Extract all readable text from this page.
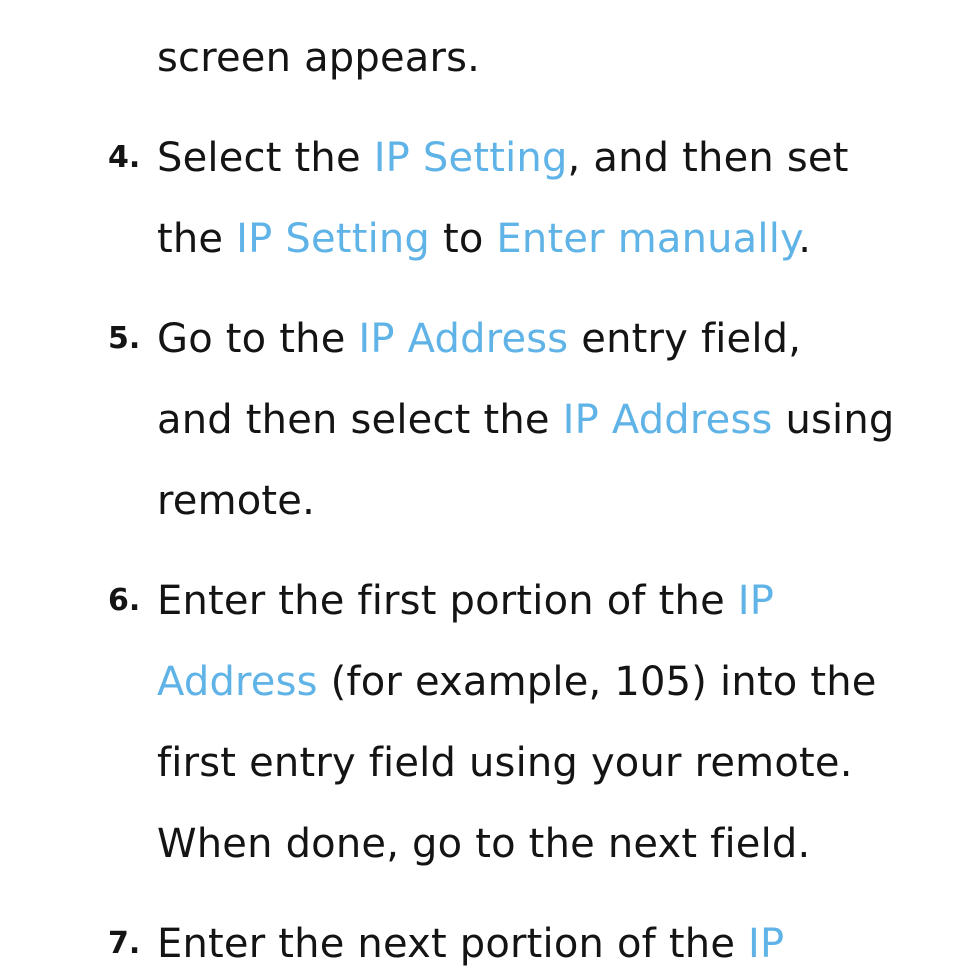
screen appears.
4. Select the IP Setting, and then set
the IP Setting to Enter manually.
5. Go to the IP Address entry field,
and then select the IP Address using
remote.
6. Enter the first portion of the IP
Address (for example, 105) into the
first entry field using your remote.
When done, go to the next field.
7. Enter the next portion of the IP
